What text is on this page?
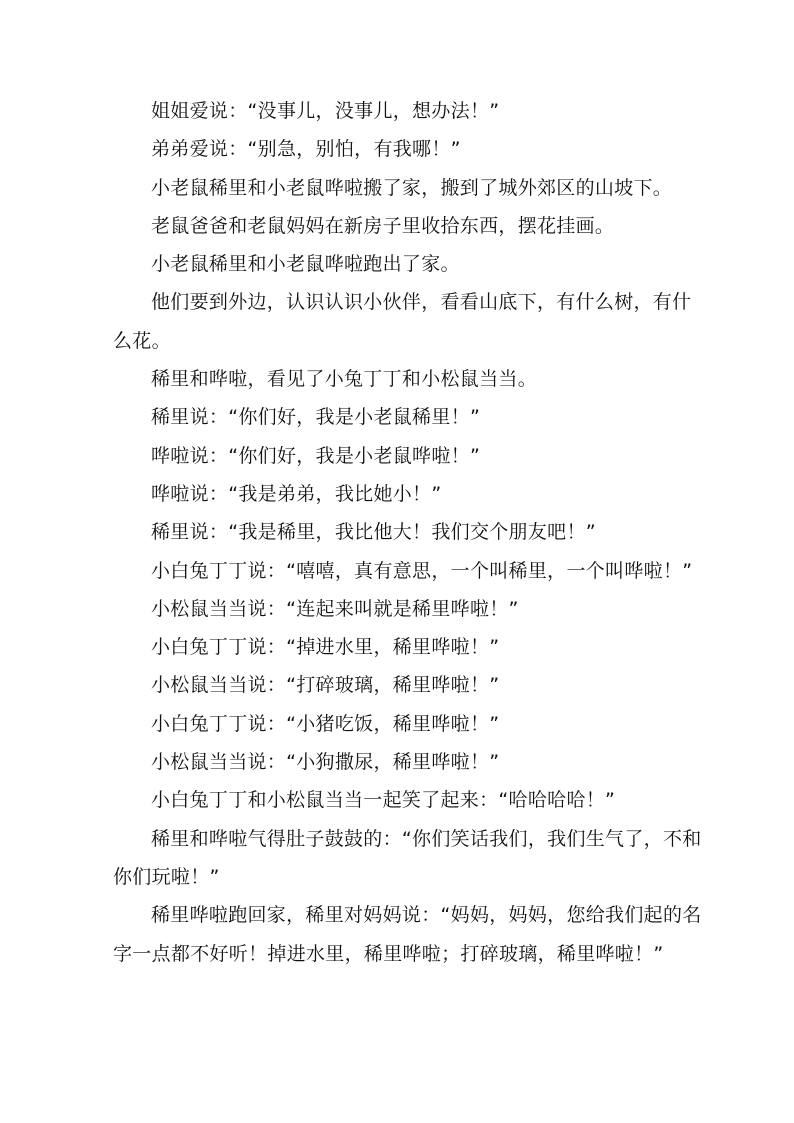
姐姐爱说：“没事儿，没事儿，想办法！”

弟弟爱说：“别急，别怕，有我哪！”

小老鼠稀里和小老鼠哗啦搬了家，搬到了城外郊区的山坡下。

老鼠爸爸和老鼠妈妈在新房子里收拾东西，摆花挂画。

小老鼠稀里和小老鼠哗啦跑出了家。

他们要到外边，认识认识小伙伴，看看山底下，有什么树，有什么花。

稀里和哗啦，看见了小兔丁丁和小松鼠当当。

稀里说：“你们好，我是小老鼠稀里！”

哗啦说：“你们好，我是小老鼠哗啦！”

哗啦说：“我是弟弟，我比她小！”

稀里说：“我是稀里，我比他大！我们交个朋友吧！”

小白兔丁丁说：“嘻嘻，真有意思，一个叫稀里，一个叫哗啦！”

小松鼠当当说：“连起来叫就是稀里哗啦！”

小白兔丁丁说：“掉进水里，稀里哗啦！”

小松鼠当当说：“打碎玻璃，稀里哗啦！”

小白兔丁丁说：“小猪吃饭，稀里哗啦！”

小松鼠当当说：“小狗撒尿，稀里哗啦！”

小白兔丁丁和小松鼠当当一起笑了起来：“哈哈哈哈！”

稀里和哗啦气得肚子鼓鼓的：“你们笑话我们，我们生气了，不和你们玩啦！”

稀里哗啦跑回家，稀里对妈妈说：“妈妈，妈妈，您给我们起的名字一点都不好听！掉进水里，稀里哗啦；打碎玻璃，稀里哗啦！”
